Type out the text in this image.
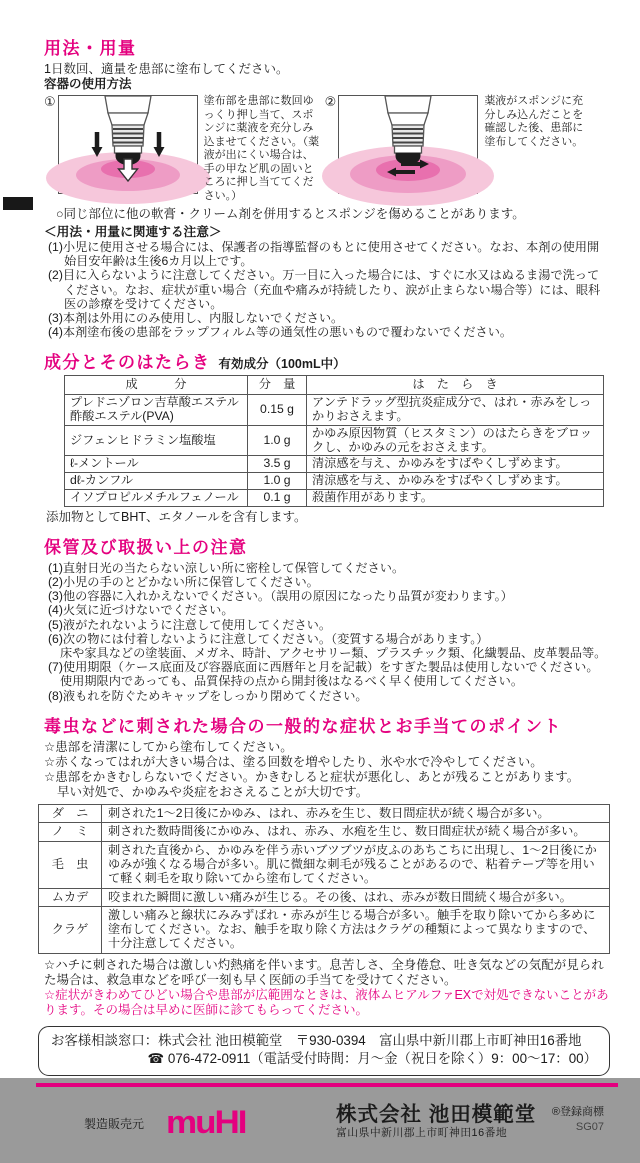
用法・用量
1日数回、適量を患部に塗布してください。
容器の使用方法
①	塗布部を患部に数回ゆっくり押し当て、スポンジに薬液を充分しみ込ませてください。（薬液が出にくい場合は、手の甲など肌の固いところに押し当ててください。）
②	薬液がスポンジに充分しみ込んだことを確認した後、患部に塗布してください。
○同じ部位に他の軟膏・クリーム剤を併用するとスポンジを傷めることがあります。
＜用法・用量に関連する注意＞
(1)小児に使用させる場合には、保護者の指導監督のもとに使用させてください。なお、本剤の使用開始目安年齢は生後6カ月以上です。
(2)目に入らないように注意してください。万一目に入った場合には、すぐに水又はぬるま湯で洗ってください。なお、症状が重い場合（充血や痛みが持続したり、涙が止まらない場合等）には、眼科医の診療を受けてください。
(3)本剤は外用にのみ使用し、内服しないでください。
(4)本剤塗布後の患部をラップフィルム等の通気性の悪いもので覆わないでください。
成分とそのはたらき 有効成分（100mL中）
成　　　分	分　量	は　た　ら　き
プレドニゾロン吉草酸エステル酢酸エステル(PVA)	0.15 g	アンテドラッグ型抗炎症成分で、はれ・赤みをしっかりおさえます。
ジフェンヒドラミン塩酸塩	1.0 g	かゆみ原因物質（ヒスタミン）のはたらきをブロックし、かゆみの元をおさえます。
ℓ-メントール	3.5 g	清涼感を与え、かゆみをすばやくしずめます。
dℓ-カンフル	1.0 g	清涼感を与え、かゆみをすばやくしずめます。
イソプロピルメチルフェノール	0.1 g	殺菌作用があります。
添加物としてBHT、エタノールを含有します。
保管及び取扱い上の注意
(1)直射日光の当たらない涼しい所に密栓して保管してください。
(2)小児の手のとどかない所に保管してください。
(3)他の容器に入れかえないでください。（誤用の原因になったり品質が変わります。）
(4)火気に近づけないでください。
(5)液がたれないように注意して使用してください。
(6)次の物には付着しないように注意してください。（変質する場合があります。）
床や家具などの塗装面、メガネ、時計、アクセサリー類、プラスチック類、化繊製品、皮革製品等。
(7)使用期限（ケース底面及び容器底面に西暦年と月を記載）をすぎた製品は使用しないでください。
使用期限内であっても、品質保持の点から開封後はなるべく早く使用してください。
(8)液もれを防ぐためキャップをしっかり閉めてください。
毒虫などに刺された場合の一般的な症状とお手当てのポイント
☆患部を清潔にしてから塗布してください。
☆赤くなってはれが大きい場合は、塗る回数を増やしたり、氷や水で冷やしてください。
☆患部をかきむしらないでください。かきむしると症状が悪化し、あとが残ることがあります。
早い対処で、かゆみや炎症をおさえることが大切です。
ダ　ニ	刺された1～2日後にかゆみ、はれ、赤みを生じ、数日間症状が続く場合が多い。
ノ　ミ	刺された数時間後にかゆみ、はれ、赤み、水疱を生じ、数日間症状が続く場合が多い。
毛　虫	刺された直後から、かゆみを伴う赤いブツブツが皮ふのあちこちに出現し、1～2日後にかゆみが強くなる場合が多い。肌に微細な刺毛が残ることがあるので、粘着テープ等を用いて軽く刺毛を取り除いてから塗布してください。
ムカデ	咬まれた瞬間に激しい痛みが生じる。その後、はれ、赤みが数日間続く場合が多い。
クラゲ	激しい痛みと線状にみみずばれ・赤みが生じる場合が多い。触手を取り除いてから多めに塗布してください。なお、触手を取り除く方法はクラゲの種類によって異なりますので、十分注意してください。
☆ハチに刺された場合は激しい灼熱痛を伴います。息苦しさ、全身倦怠、吐き気などの気配が見られた場合は、救急車などを呼び一刻も早く医師の手当てを受けてください。
☆症状がきわめてひどい場合や患部が広範囲なときは、液体ムヒアルファEXで対処できないことがあります。その場合は早めに医師に診てもらってください。
お客様相談窓口：株式会社 池田模範堂　〒930-0394　富山県中新川郡上市町神田16番地
☎ 076-472-0911（電話受付時間：月～金（祝日を除く）9：00～17：00）
製造販売元 muHI	株式会社 池田模範堂
富山県中新川郡上市町神田16番地
®登録商標
SG07
